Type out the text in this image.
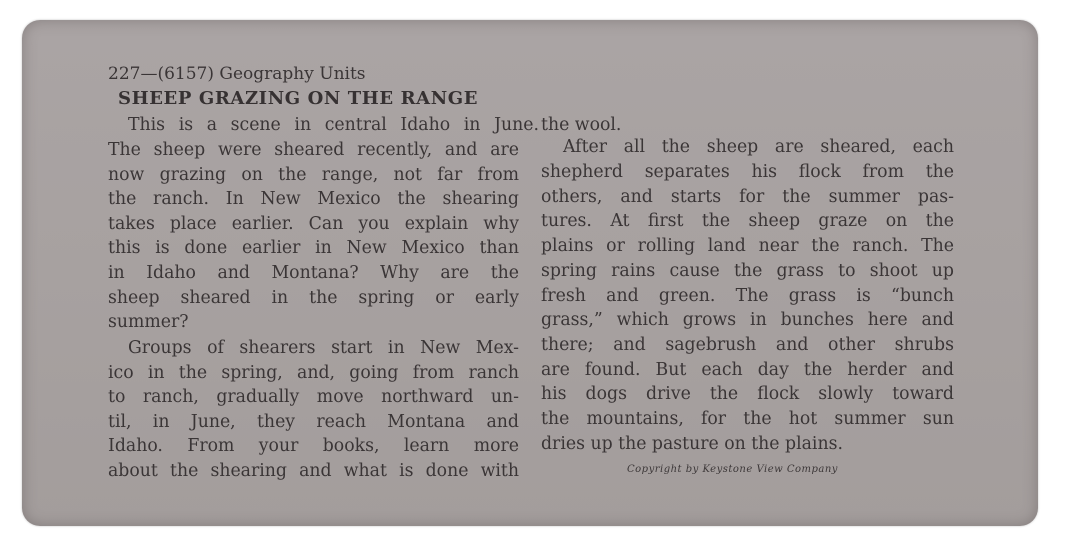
227—(6157) Geography Units
SHEEP GRAZING ON THE RANGE
This is a scene in central Idaho in June.
The sheep were sheared recently, and are
now grazing on the range, not far from
the ranch. In New Mexico the shearing
takes place earlier. Can you explain why
this is done earlier in New Mexico than
in Idaho and Montana? Why are the
sheep sheared in the spring or early
summer?
Groups of shearers start in New Mex-
ico in the spring, and, going from ranch
to ranch, gradually move northward un-
til, in June, they reach Montana and
Idaho. From your books, learn more
about the shearing and what is done with
the wool.
After all the sheep are sheared, each
shepherd separates his flock from the
others, and starts for the summer pas-
tures. At first the sheep graze on the
plains or rolling land near the ranch. The
spring rains cause the grass to shoot up
fresh and green. The grass is “bunch
grass,” which grows in bunches here and
there; and sagebrush and other shrubs
are found. But each day the herder and
his dogs drive the flock slowly toward
the mountains, for the hot summer sun
dries up the pasture on the plains.
Copyright by Keystone View Company
